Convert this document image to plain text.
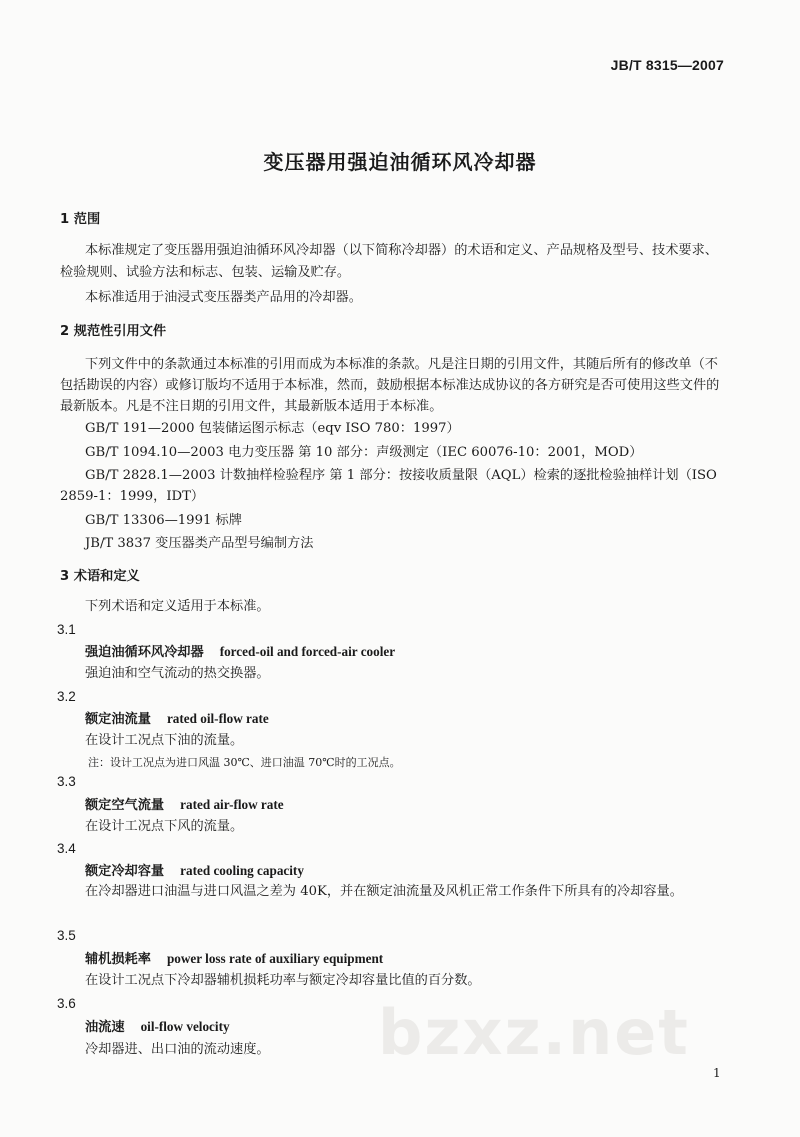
JB/T 8315—2007
变压器用强迫油循环风冷却器
1 范围
本标准规定了变压器用强迫油循环风冷却器（以下简称冷却器）的术语和定义、产品规格及型号、技术要求、检验规则、试验方法和标志、包装、运输及贮存。
本标准适用于油浸式变压器类产品用的冷却器。
2 规范性引用文件
下列文件中的条款通过本标准的引用而成为本标准的条款。凡是注日期的引用文件，其随后所有的修改单（不包括勘误的内容）或修订版均不适用于本标准，然而，鼓励根据本标准达成协议的各方研究是否可使用这些文件的最新版本。凡是不注日期的引用文件，其最新版本适用于本标准。
GB/T 191—2000 包装储运图示标志（eqv ISO 780：1997）
GB/T 1094.10—2003 电力变压器 第 10 部分：声级测定（IEC 60076-10：2001，MOD）
GB/T 2828.1—2003 计数抽样检验程序 第 1 部分：按接收质量限（AQL）检索的逐批检验抽样计划（ISO 2859-1：1999，IDT）
GB/T 13306—1991 标牌
JB/T 3837 变压器类产品型号编制方法
3 术语和定义
下列术语和定义适用于本标准。
3.1
强迫油循环风冷却器 forced-oil and forced-air cooler
强迫油和空气流动的热交换器。
3.2
额定油流量 rated oil-flow rate
在设计工况点下油的流量。
注：设计工况点为进口风温 30℃、进口油温 70℃时的工况点。
3.3
额定空气流量 rated air-flow rate
在设计工况点下风的流量。
3.4
额定冷却容量 rated cooling capacity
在冷却器进口油温与进口风温之差为 40K，并在额定油流量及风机正常工作条件下所具有的冷却容量。
3.5
辅机损耗率 power loss rate of auxiliary equipment
在设计工况点下冷却器辅机损耗功率与额定冷却容量比值的百分数。
3.6
油流速 oil-flow velocity
冷却器进、出口油的流动速度。 bzxz.net
1
